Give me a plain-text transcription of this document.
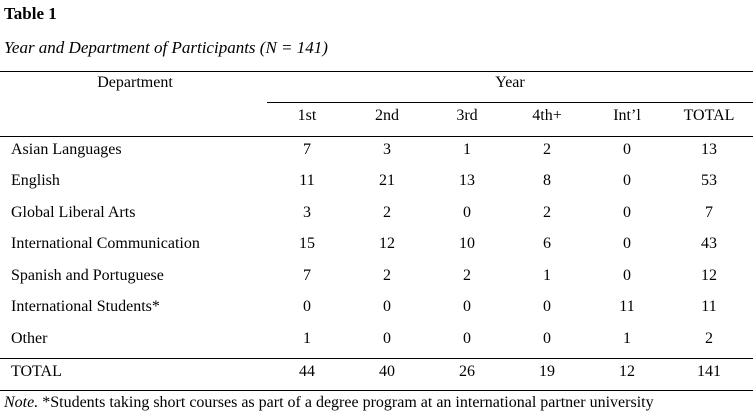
Table 1
Year and Department of Participants (N = 141)
Department	Year
1st	2nd	3rd	4th+	Int’l	TOTAL
Asian Languages	7	3	1	2	0	13
English	11	21	13	8	0	53
Global Liberal Arts	3	2	0	2	0	7
International Communication	15	12	10	6	0	43
Spanish and Portuguese	7	2	2	1	0	12
International Students*	0	0	0	0	11	11
Other	1	0	0	0	1	2
TOTAL	44	40	26	19	12	141
Note. *Students taking short courses as part of a degree program at an international partner university
